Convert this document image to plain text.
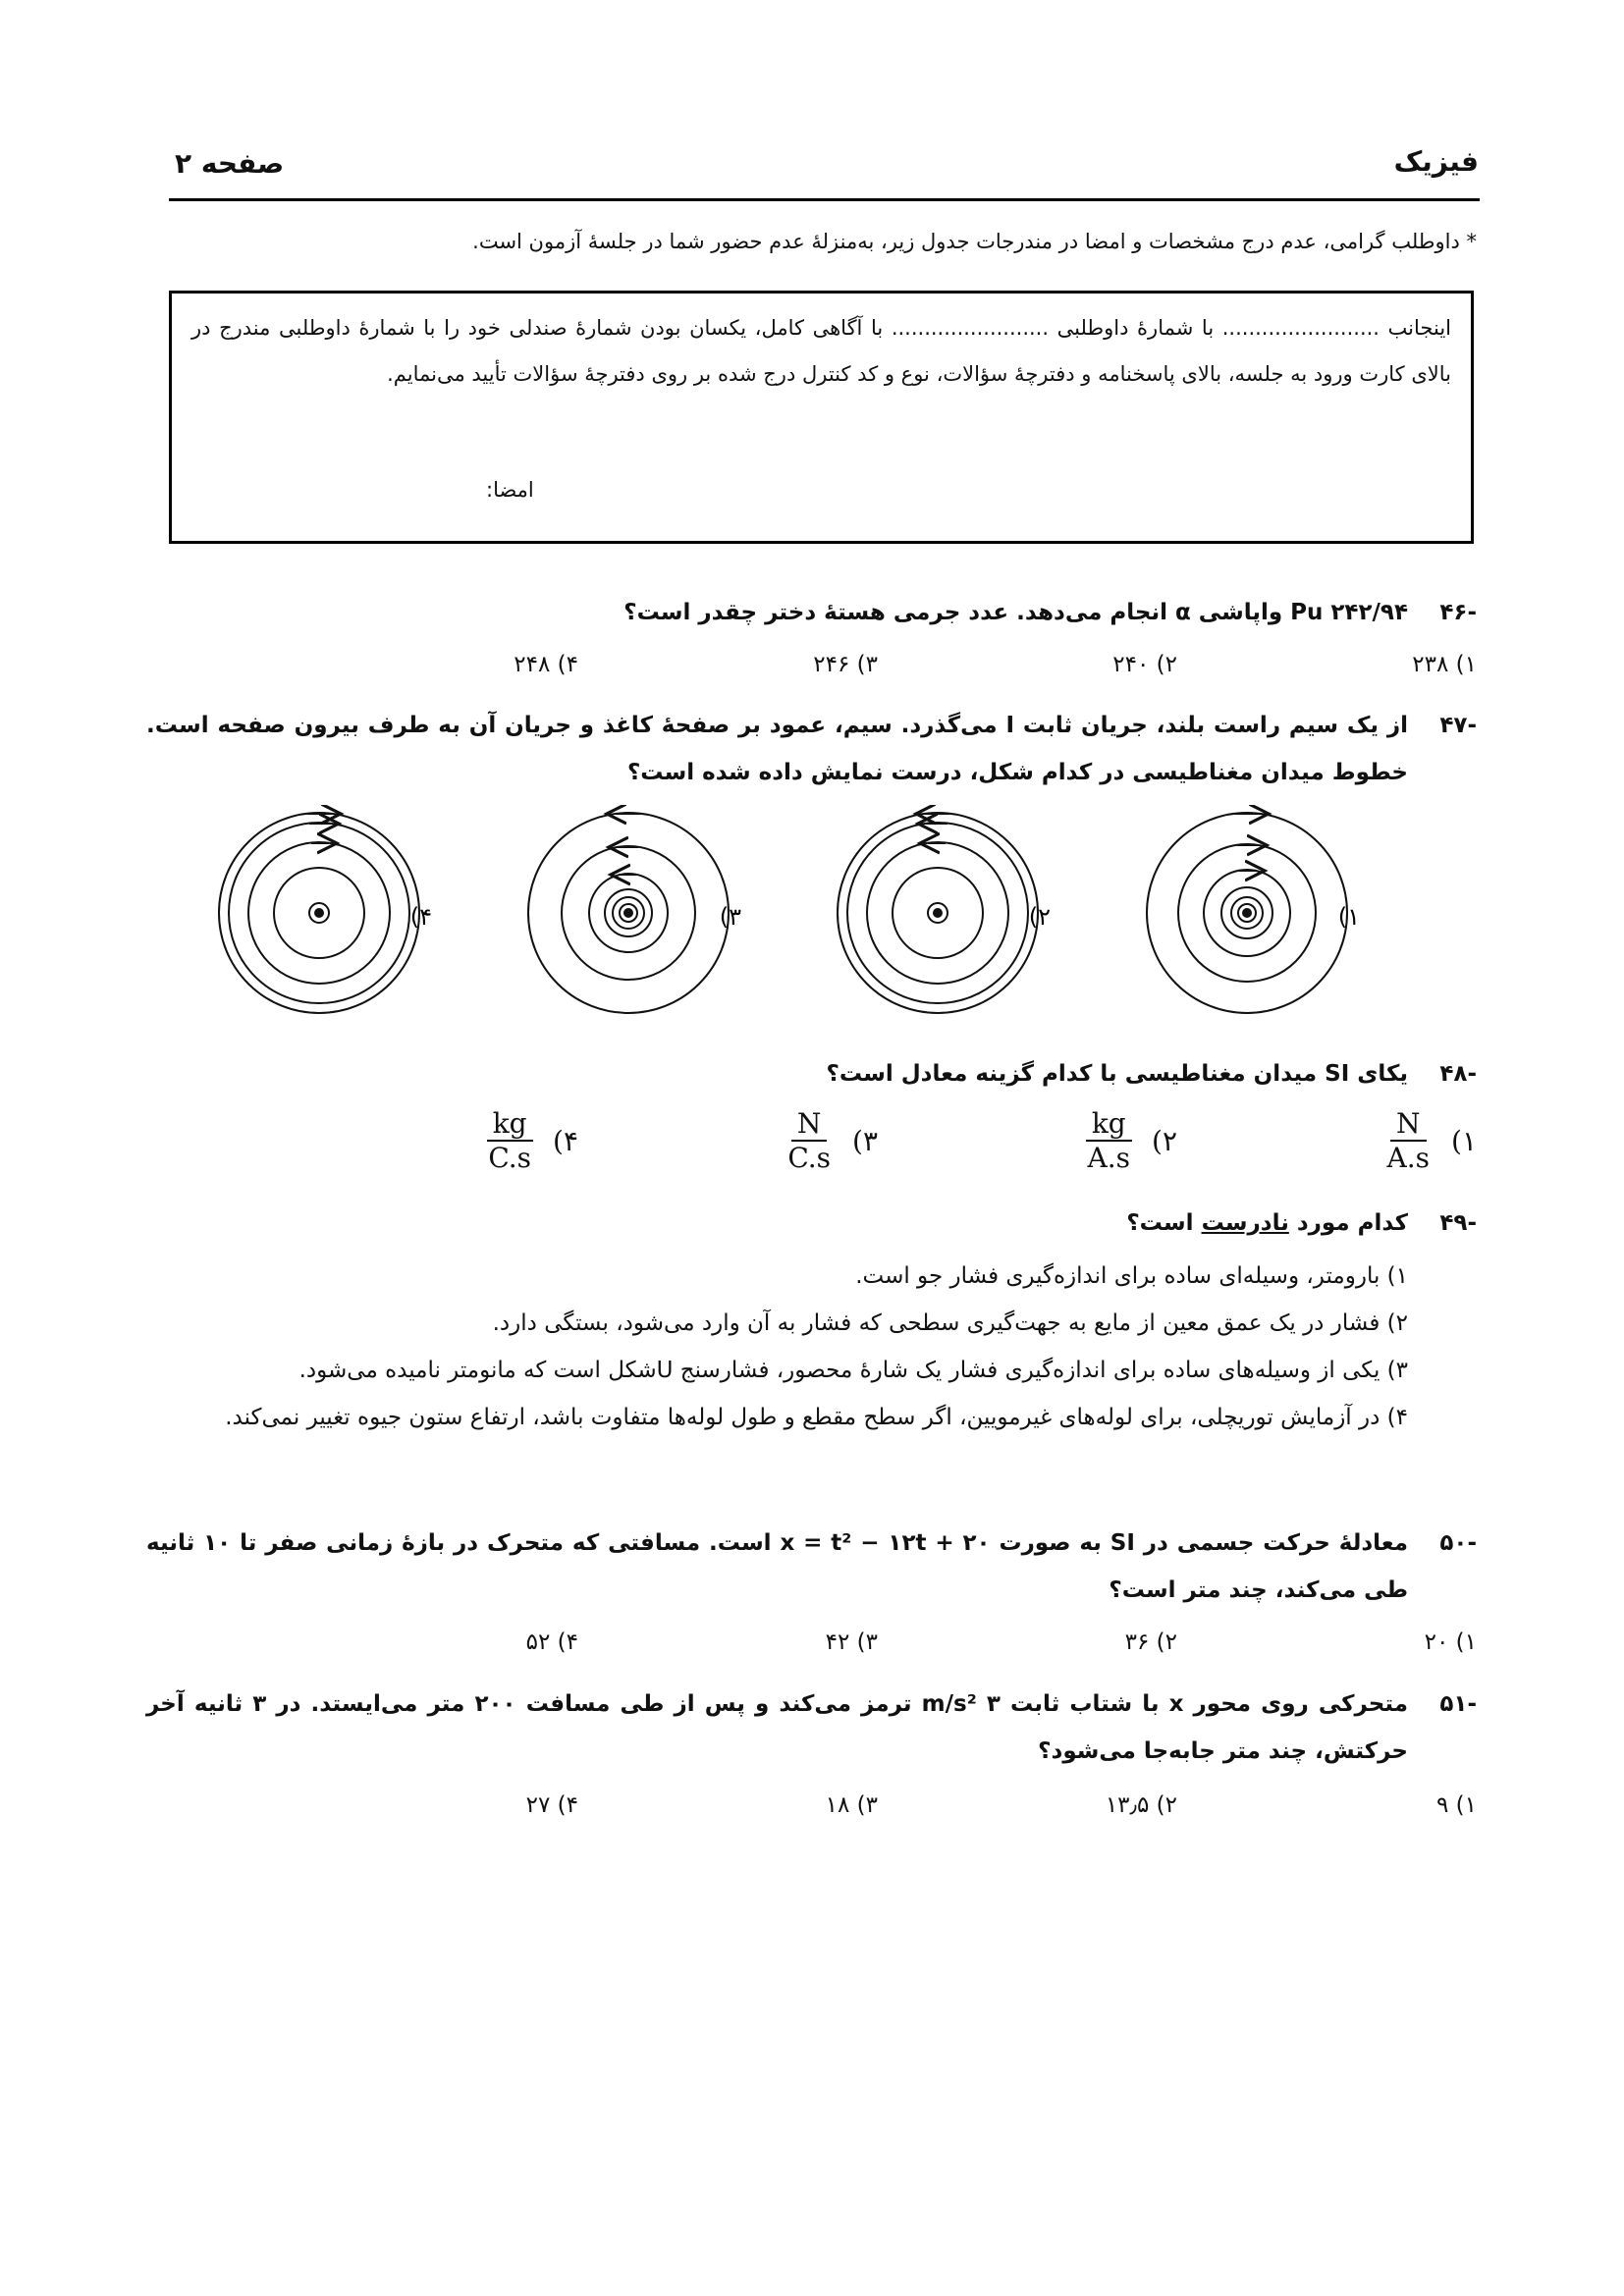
فیزیک
صفحه ۲
* داوطلب گرامی، عدم درج مشخصات و امضا در مندرجات جدول زیر، به‌منزلهٔ عدم حضور شما در جلسهٔ آزمون است.
اینجانب ........................ با شمارهٔ داوطلبی ........................ با آگاهی کامل، یکسان بودن شمارهٔ صندلی خود را با شمارهٔ داوطلبی مندرج در بالای کارت ورود به جلسه، بالای پاسخنامه و دفترچهٔ سؤالات، نوع و کد کنترل درج شده بر روی دفترچهٔ سؤالات تأیید می‌نمایم.
امضا:
-۴۶
Pu ۲۴۲/۹۴ واپاشی α انجام می‌دهد. عدد جرمی هستهٔ دختر چقدر است؟
۱) ۲۳۸
۲) ۲۴۰
۳) ۲۴۶
۴) ۲۴۸
-۴۷
از یک سیم راست بلند، جریان ثابت I می‌گذرد. سیم، عمود بر صفحهٔ کاغذ و جریان آن به طرف بیرون صفحه است. خطوط میدان مغناطیسی در کدام شکل، درست نمایش داده شده است؟
۱)
۲)
۳)
۴)
-۴۸
یکای SI میدان مغناطیسی با کدام گزینه معادل است؟
۱)
$\frac{N}{A.s}$
۲)
$\frac{kg}{A.s}$
۳)
$\frac{N}{C.s}$
۴)
$\frac{kg}{C.s}$
-۴۹
کدام مورد نادرست است؟
۱) بارومتر، وسیله‌ای ساده برای اندازه‌گیری فشار جو است.
۲) فشار در یک عمق معین از مایع به جهت‌گیری سطحی که فشار به آن وارد می‌شود، بستگی دارد.
۳) یکی از وسیله‌های ساده برای اندازه‌گیری فشار یک شارهٔ محصور، فشارسنج U‌شکل است که مانومتر نامیده می‌شود.
۴) در آزمایش توریچلی، برای لوله‌های غیرمویین، اگر سطح مقطع و طول لوله‌ها متفاوت باشد، ارتفاع ستون جیوه تغییر نمی‌کند.
-۵۰
معادلهٔ حرکت جسمی در SI به صورت x = t² − ۱۲t + ۲۰ است. مسافتی که متحرک در بازهٔ زمانی صفر تا ۱۰ ثانیه طی می‌کند، چند متر است؟
۱) ۲۰
۲) ۳۶
۳) ۴۲
۴) ۵۲
-۵۱
متحرکی روی محور x با شتاب ثابت ۳ m/s² ترمز می‌کند و پس از طی مسافت ۲۰۰ متر می‌ایستد. در ۳ ثانیه آخر حرکتش، چند متر جابه‌جا می‌شود؟
۱) ۹
۲) ۱۳٫۵
۳) ۱۸
۴) ۲۷
